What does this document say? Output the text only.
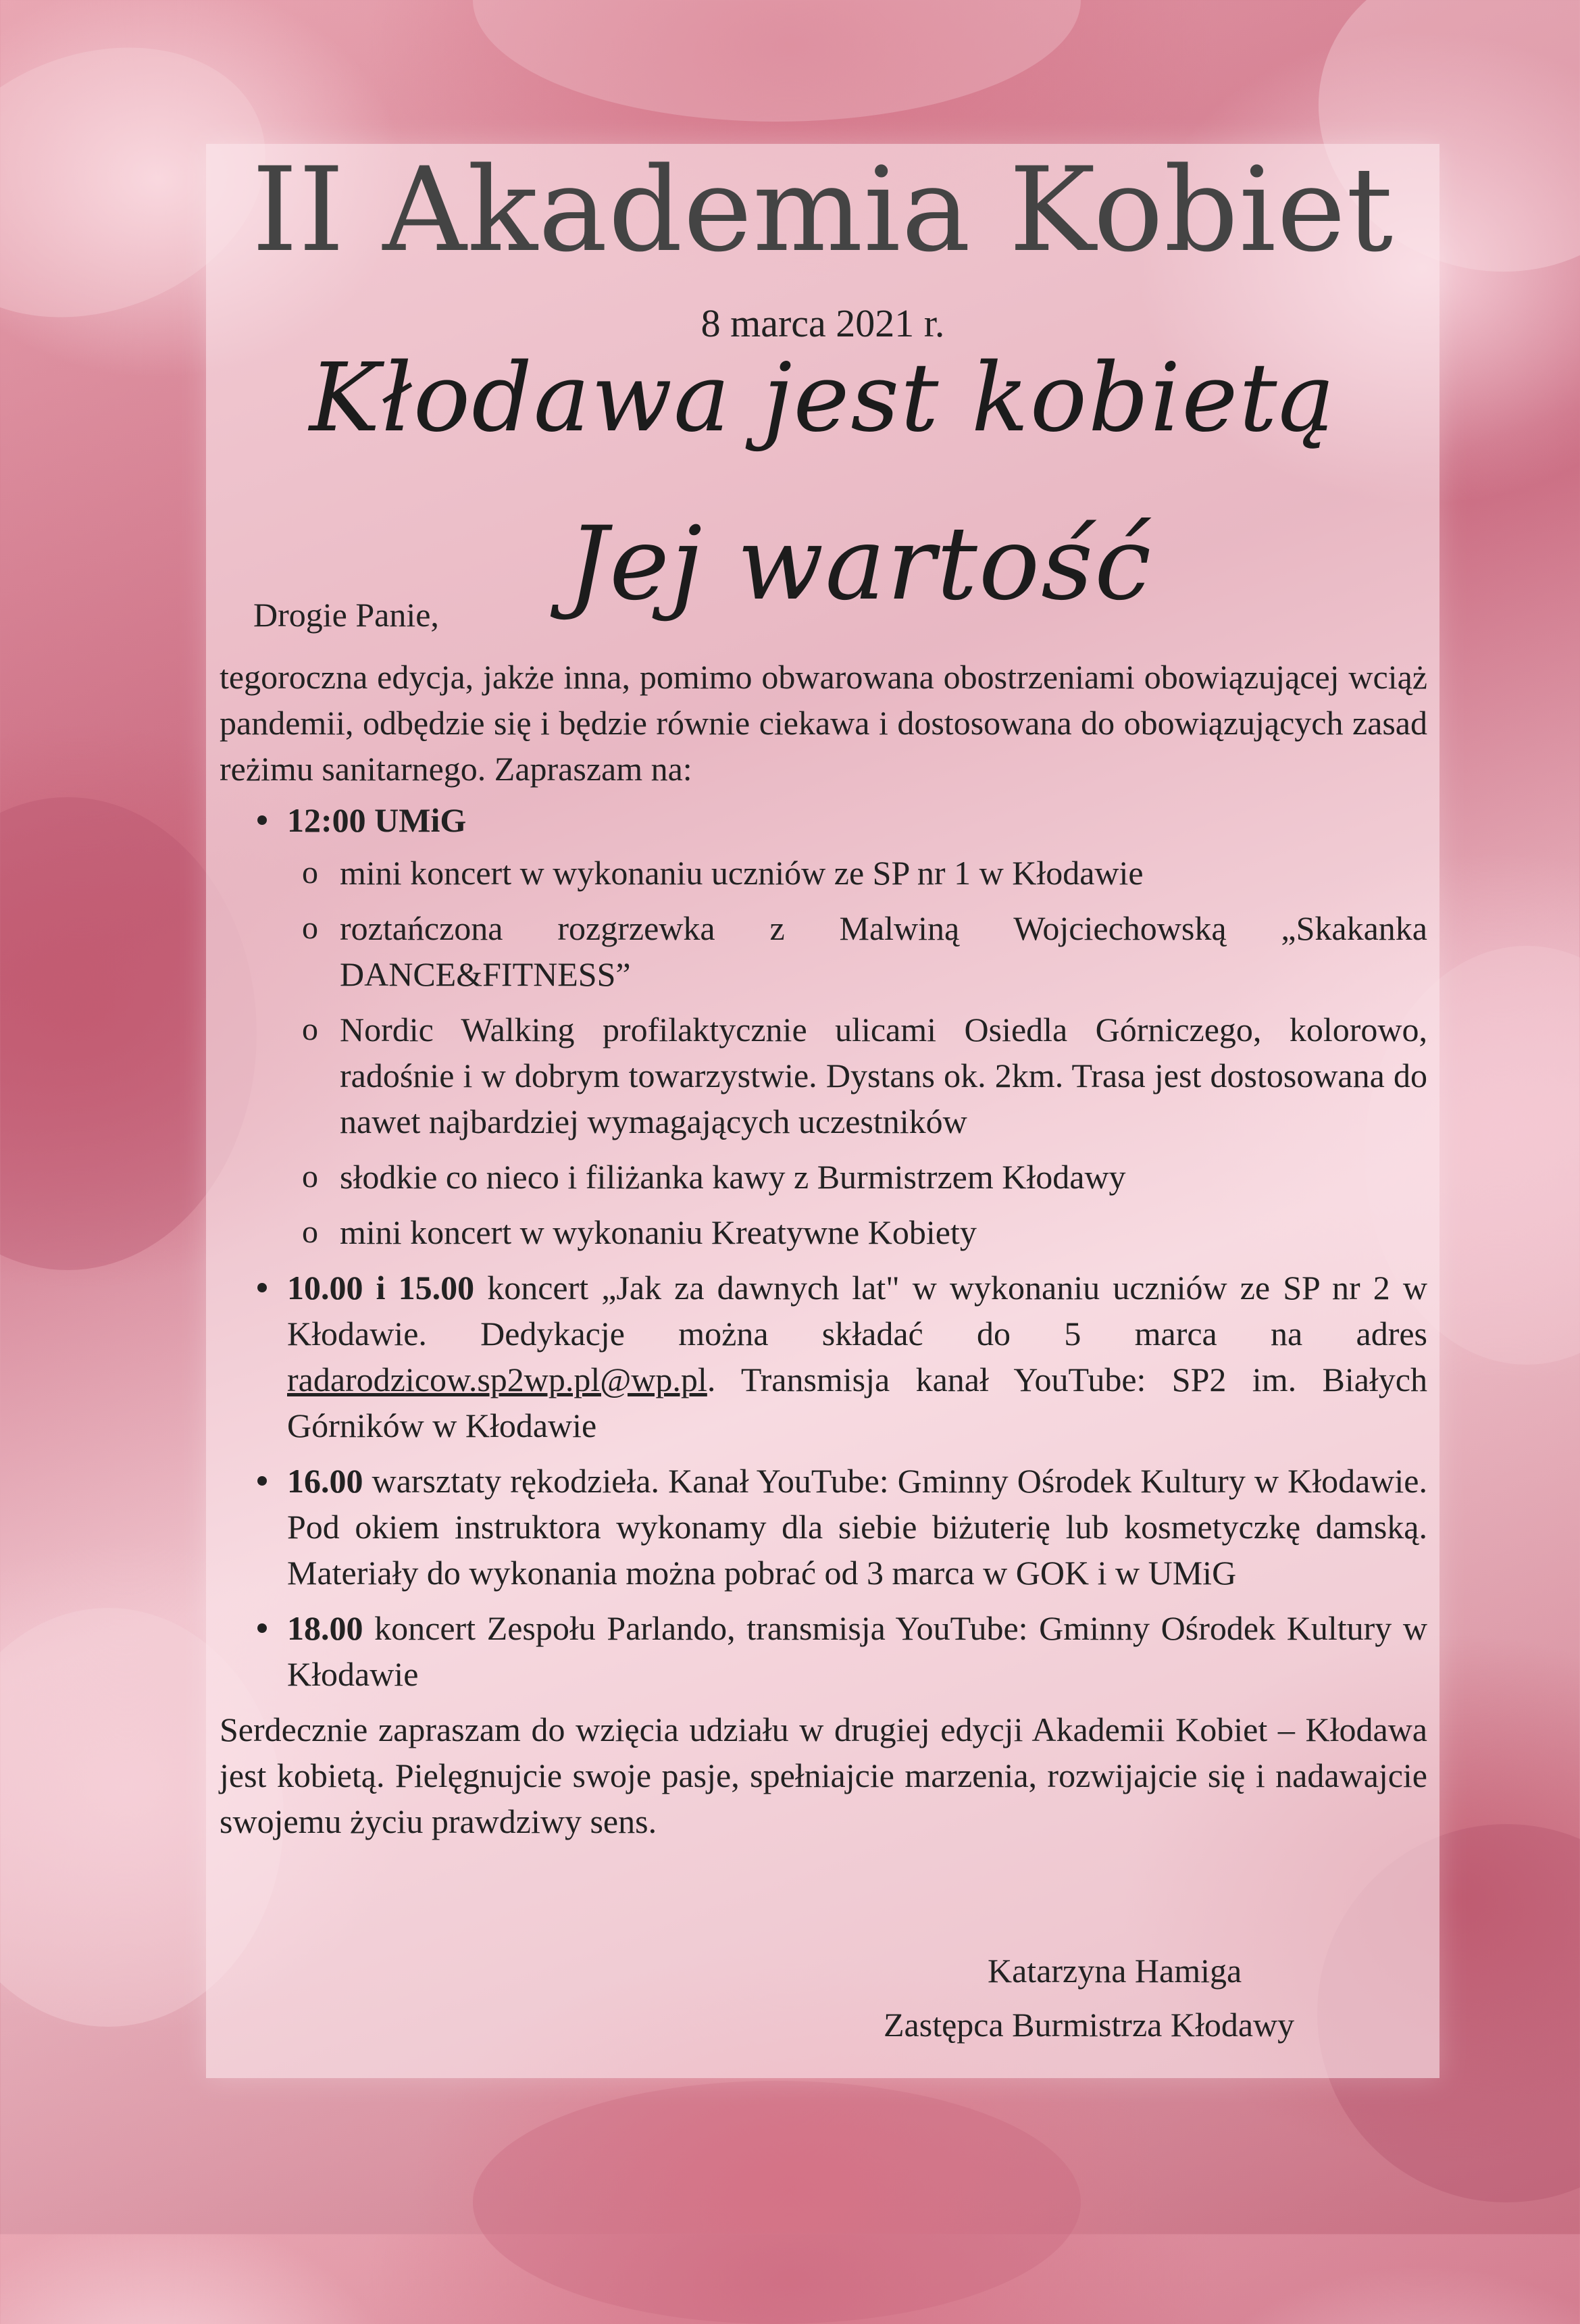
II Akademia Kobiet
8 marca 2021 r.
Kłodawa jest kobietą
Jej wartość
Drogie Panie,

tegoroczna edycja, jakże inna, pomimo obwarowana obostrzeniami obowiązującej wciąż pandemii, odbędzie się i będzie równie ciekawa i dostosowana do obowiązujących zasad reżimu sanitarnego. Zapraszam na:

12:00 UMiG
o mini koncert w wykonaniu uczniów ze SP nr 1 w Kłodawie
o roztańczona rozgrzewka z Malwiną Wojciechowską „Skakanka DANCE&FITNESS”
o Nordic Walking profilaktycznie ulicami Osiedla Górniczego, kolorowo, radośnie i w dobrym towarzystwie. Dystans ok. 2km. Trasa jest dostosowana do nawet najbardziej wymagających uczestników
o słodkie co nieco i filiżanka kawy z Burmistrzem Kłodawy
o mini koncert w wykonaniu Kreatywne Kobiety
10.00 i 15.00 koncert „Jak za dawnych lat" w wykonaniu uczniów ze SP nr 2 w Kłodawie. Dedykacje można składać do 5 marca na adres radarodzicow.sp2wp.pl@wp.pl. Transmisja kanał YouTube: SP2 im. Białych Górników w Kłodawie
16.00 warsztaty rękodzieła. Kanał YouTube: Gminny Ośrodek Kultury w Kłodawie. Pod okiem instruktora wykonamy dla siebie biżuterię lub kosmetyczkę damską. Materiały do wykonania można pobrać od 3 marca w GOK i w UMiG
18.00 koncert Zespołu Parlando, transmisja YouTube: Gminny Ośrodek Kultury w Kłodawie

Serdecznie zapraszam do wzięcia udziału w drugiej edycji Akademii Kobiet – Kłodawa jest kobietą. Pielęgnujcie swoje pasje, spełniajcie marzenia, rozwijajcie się i nadawajcie swojemu życiu prawdziwy sens.

Katarzyna Hamiga
Zastępca Burmistrza Kłodawy
